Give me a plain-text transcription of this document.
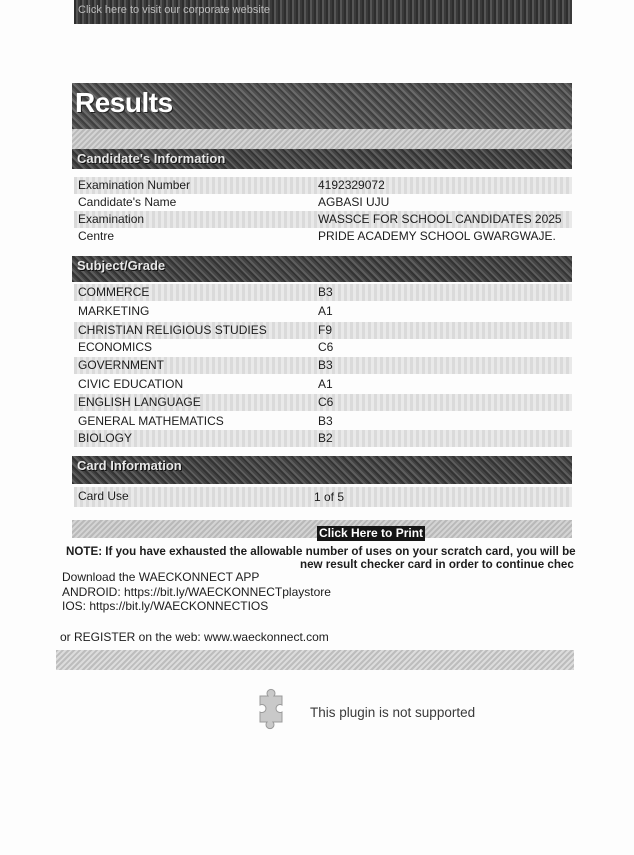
Click here to visit our corporate website
Results
Candidate's Information
Examination Number	4192329072
Candidate's Name	AGBASI UJU
Examination	WASSCE FOR SCHOOL CANDIDATES 2025
Centre	PRIDE ACADEMY SCHOOL GWARGWAJE.
Subject/Grade
COMMERCE	B3
MARKETING	A1
CHRISTIAN RELIGIOUS STUDIES	F9
ECONOMICS	C6
GOVERNMENT	B3
CIVIC EDUCATION	A1
ENGLISH LANGUAGE	C6
GENERAL MATHEMATICS	B3
BIOLOGY	B2
Card Information
Card Use	1 of 5
Click Here to Print
NOTE: If you have exhausted the allowable number of uses on your scratch card, you will be
new result checker card in order to continue chec
Download the WAECKONNECT APP
ANDROID: https://bit.ly/WAECKONNECTplaystore
IOS: https://bit.ly/WAECKONNECTIOS
or REGISTER on the web: www.waeckonnect.com
This plugin is not supported
